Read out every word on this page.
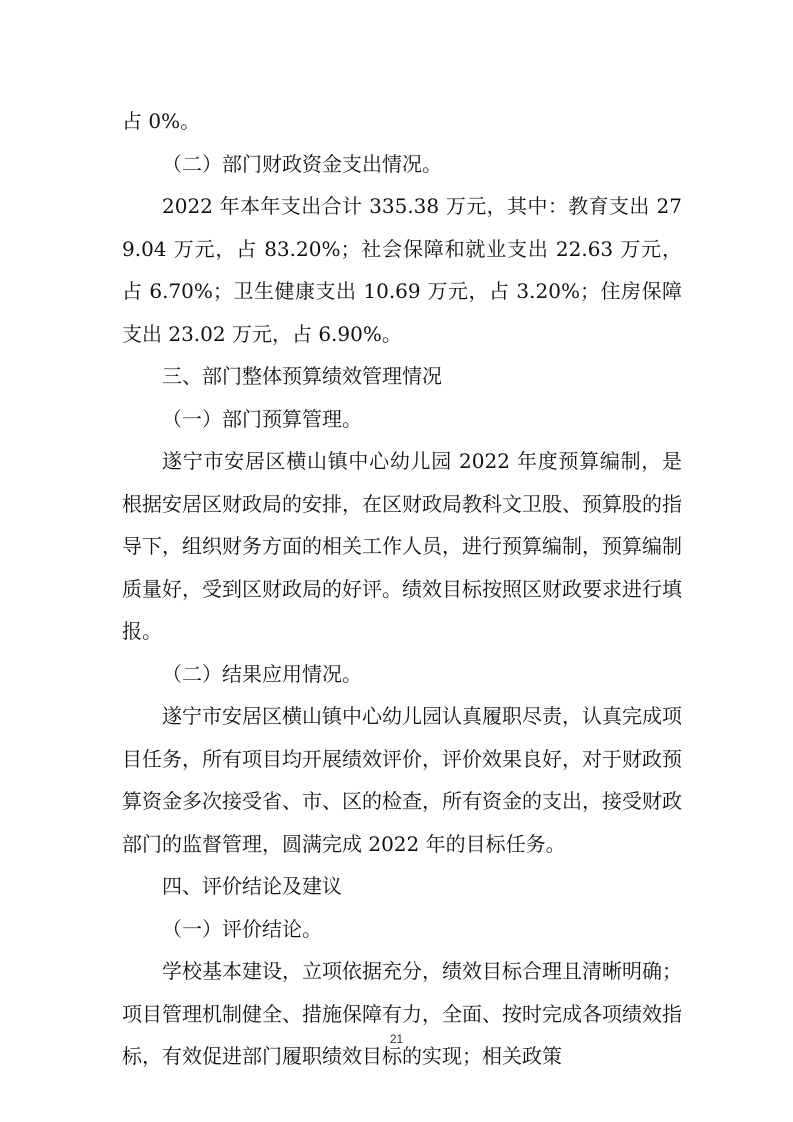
占 0%。

（二）部门财政资金支出情况。

2022 年本年支出合计 335.38 万元，其中：教育支出 279.04 万元，占 83.20%；社会保障和就业支出 22.63 万元，占 6.70%；卫生健康支出 10.69 万元，占 3.20%；住房保障支出 23.02 万元，占 6.90%。

三、部门整体预算绩效管理情况

（一）部门预算管理。

遂宁市安居区横山镇中心幼儿园 2022 年度预算编制，是根据安居区财政局的安排，在区财政局教科文卫股、预算股的指导下，组织财务方面的相关工作人员，进行预算编制，预算编制质量好，受到区财政局的好评。绩效目标按照区财政要求进行填报。

（二）结果应用情况。

遂宁市安居区横山镇中心幼儿园认真履职尽责，认真完成项目任务，所有项目均开展绩效评价，评价效果良好，对于财政预算资金多次接受省、市、区的检查，所有资金的支出，接受财政部门的监督管理，圆满完成 2022 年的目标任务。

四、评价结论及建议

（一）评价结论。

学校基本建设，立项依据充分，绩效目标合理且清晰明确；项目管理机制健全、措施保障有力，全面、按时完成各项绩效指标，有效促进部门履职绩效目标的实现；相关政策

21
